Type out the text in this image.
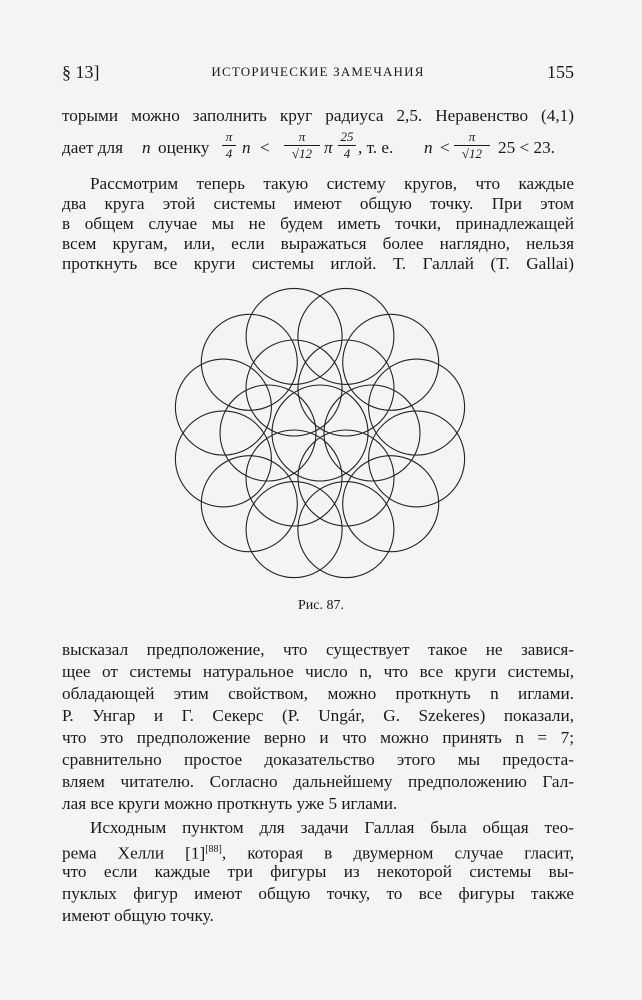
§ 13]	ИСТОРИЧЕСКИЕ ЗАМЕЧАНИЯ	155
торыми можно заполнить круг радиуса 2,5. Неравенство (4,1)
дает для n оценку
π
4 n <
π
√12 π
25
4 , т. е. n <
π
√12 25 < 23.
Рассмотрим теперь такую систему кругов, что каждые
два круга этой системы имеют общую точку. При этом
в общем случае мы не будем иметь точки, принадлежащей
всем кругам, или, если выражаться более наглядно, нельзя
проткнуть все круги системы иглой. Т. Галлай (T. Gallai)
Рис. 87.
высказал предположение, что существует такое не завися-
щее от системы натуральное число n, что все круги системы,
обладающей этим свойством, можно проткнуть n иглами.
Р. Унгар и Г. Секерс (P. Ungár, G. Szekeres) показали,
что это предположение верно и что можно принять n = 7;
сравнительно простое доказательство этого мы предоста-
вляем читателю. Согласно дальнейшему предположению Гал-
лая все круги можно проткнуть уже 5 иглами.
Исходным пунктом для задачи Галлая была общая тео-
рема Хелли [1][88], которая в двумерном случае гласит,
что если каждые три фигуры из некоторой системы вы-
пуклых фигур имеют общую точку, то все фигуры также
имеют общую точку.
